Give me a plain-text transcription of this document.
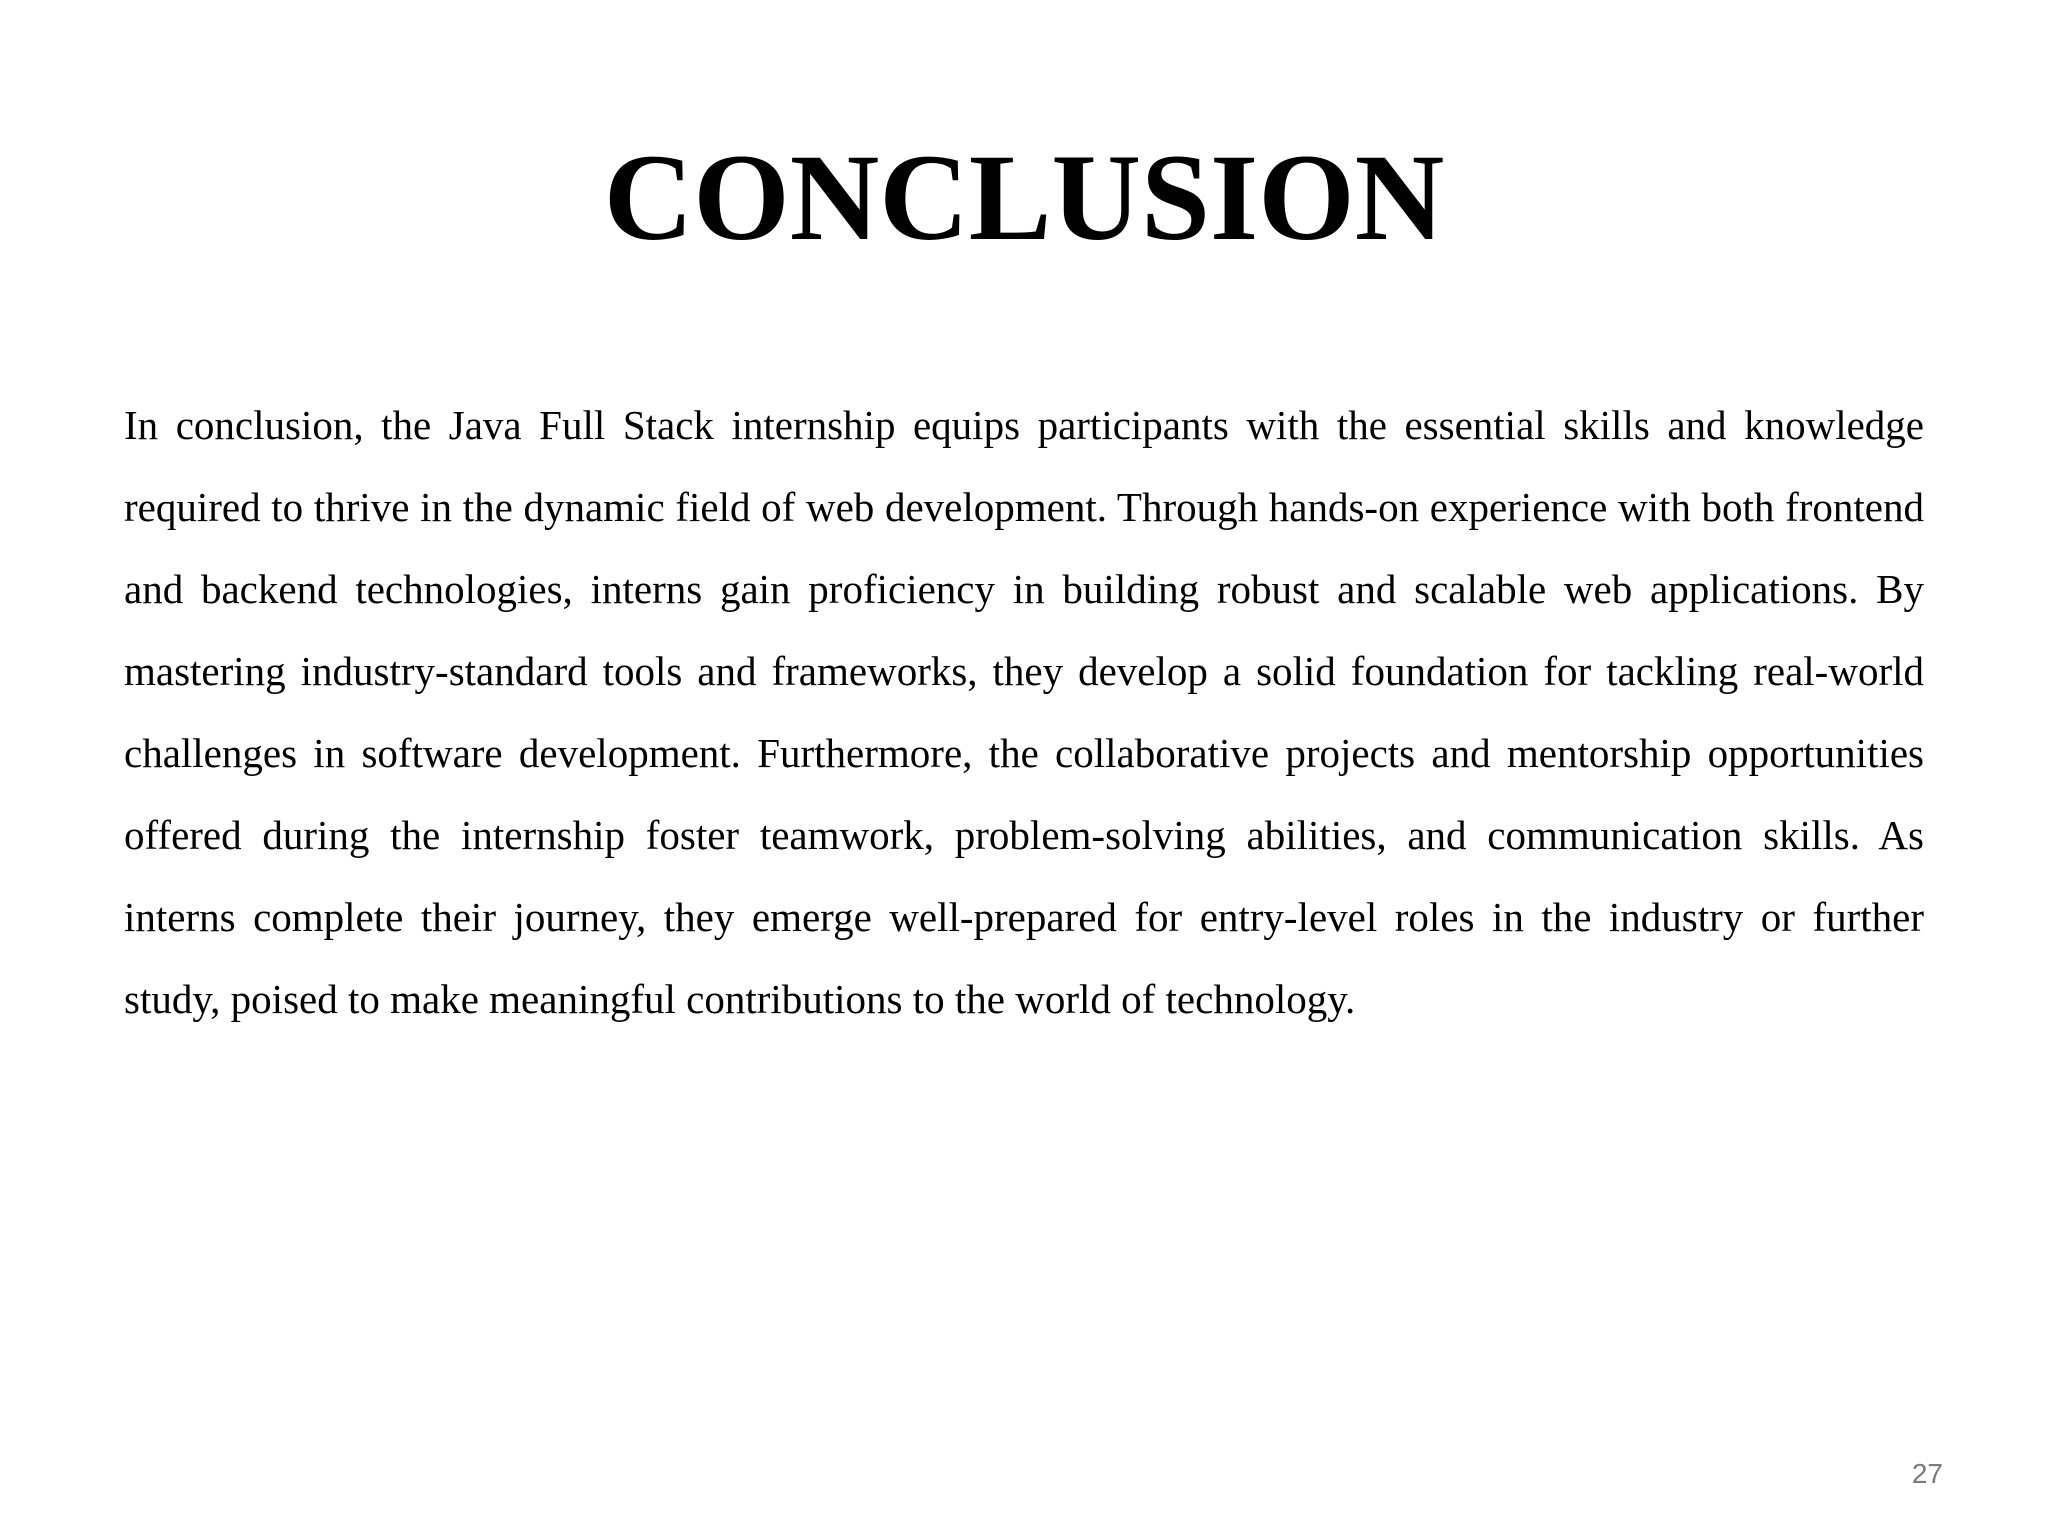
CONCLUSION

In conclusion, the Java Full Stack internship equips participants with the essential skills and knowledge required to thrive in the dynamic field of web development. Through hands-on experience with both frontend and backend technologies, interns gain proficiency in building robust and scalable web applications. By mastering industry-standard tools and frameworks, they develop a solid foundation for tackling real-world challenges in software development. Furthermore, the collaborative projects and mentorship opportunities offered during the internship foster teamwork, problem-solving abilities, and communication skills. As interns complete their journey, they emerge well-prepared for entry-level roles in the industry or further study, poised to make meaningful contributions to the world of technology.

27
